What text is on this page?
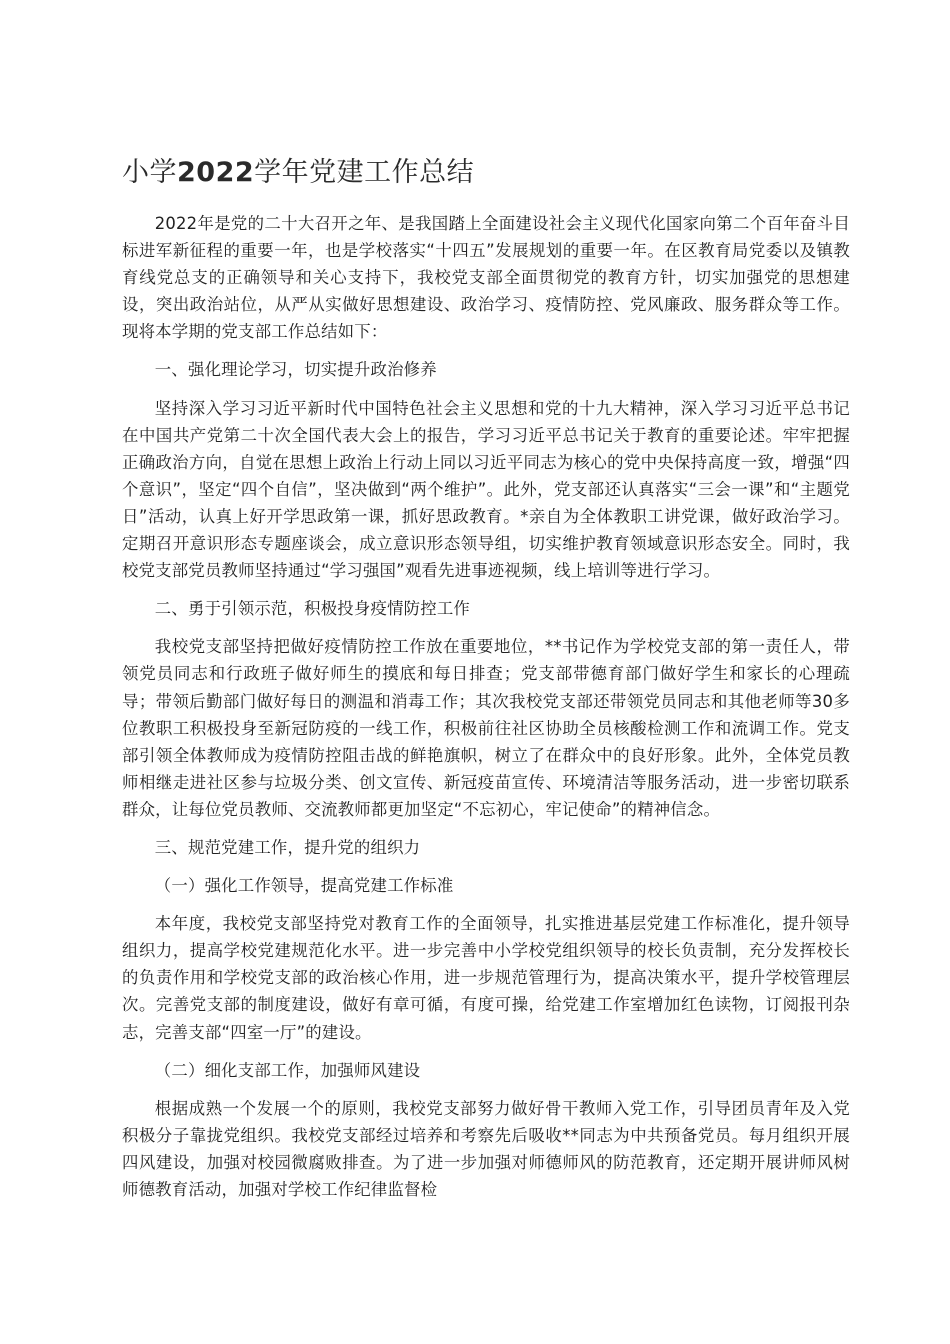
小学2022学年党建工作总结

2022年是党的二十大召开之年、是我国踏上全面建设社会主义现代化国家向第二个百年奋斗目标进军新征程的重要一年，也是学校落实“十四五”发展规划的重要一年。在区教育局党委以及镇教育线党总支的正确领导和关心支持下，我校党支部全面贯彻党的教育方针，切实加强党的思想建设，突出政治站位，从严从实做好思想建设、政治学习、疫情防控、党风廉政、服务群众等工作。现将本学期的党支部工作总结如下：

一、强化理论学习，切实提升政治修养

坚持深入学习习近平新时代中国特色社会主义思想和党的十九大精神，深入学习习近平总书记在中国共产党第二十次全国代表大会上的报告，学习习近平总书记关于教育的重要论述。牢牢把握正确政治方向，自觉在思想上政治上行动上同以习近平同志为核心的党中央保持高度一致，增强“四个意识”，坚定“四个自信”，坚决做到“两个维护”。此外，党支部还认真落实“三会一课”和“主题党日”活动，认真上好开学思政第一课，抓好思政教育。*亲自为全体教职工讲党课，做好政治学习。定期召开意识形态专题座谈会，成立意识形态领导组，切实维护教育领域意识形态安全。同时，我校党支部党员教师坚持通过“学习强国”观看先进事迹视频，线上培训等进行学习。

二、勇于引领示范，积极投身疫情防控工作

我校党支部坚持把做好疫情防控工作放在重要地位，**书记作为学校党支部的第一责任人，带领党员同志和行政班子做好师生的摸底和每日排查；党支部带德育部门做好学生和家长的心理疏导；带领后勤部门做好每日的测温和消毒工作；其次我校党支部还带领党员同志和其他老师等30多位教职工积极投身至新冠防疫的一线工作，积极前往社区协助全员核酸检测工作和流调工作。党支部引领全体教师成为疫情防控阻击战的鲜艳旗帜，树立了在群众中的良好形象。此外，全体党员教师相继走进社区参与垃圾分类、创文宣传、新冠疫苗宣传、环境清洁等服务活动，进一步密切联系群众，让每位党员教师、交流教师都更加坚定“不忘初心，牢记使命”的精神信念。

三、规范党建工作，提升党的组织力

（一）强化工作领导，提高党建工作标准

本年度，我校党支部坚持党对教育工作的全面领导，扎实推进基层党建工作标准化，提升领导组织力，提高学校党建规范化水平。进一步完善中小学校党组织领导的校长负责制，充分发挥校长的负责作用和学校党支部的政治核心作用，进一步规范管理行为，提高决策水平，提升学校管理层次。完善党支部的制度建设，做好有章可循，有度可操，给党建工作室增加红色读物，订阅报刊杂志，完善支部“四室一厅”的建设。

（二）细化支部工作，加强师风建设

根据成熟一个发展一个的原则，我校党支部努力做好骨干教师入党工作，引导团员青年及入党积极分子靠拢党组织。我校党支部经过培养和考察先后吸收**同志为中共预备党员。每月组织开展四风建设，加强对校园微腐败排查。为了进一步加强对师德师风的防范教育，还定期开展讲师风树师德教育活动，加强对学校工作纪律监督检
